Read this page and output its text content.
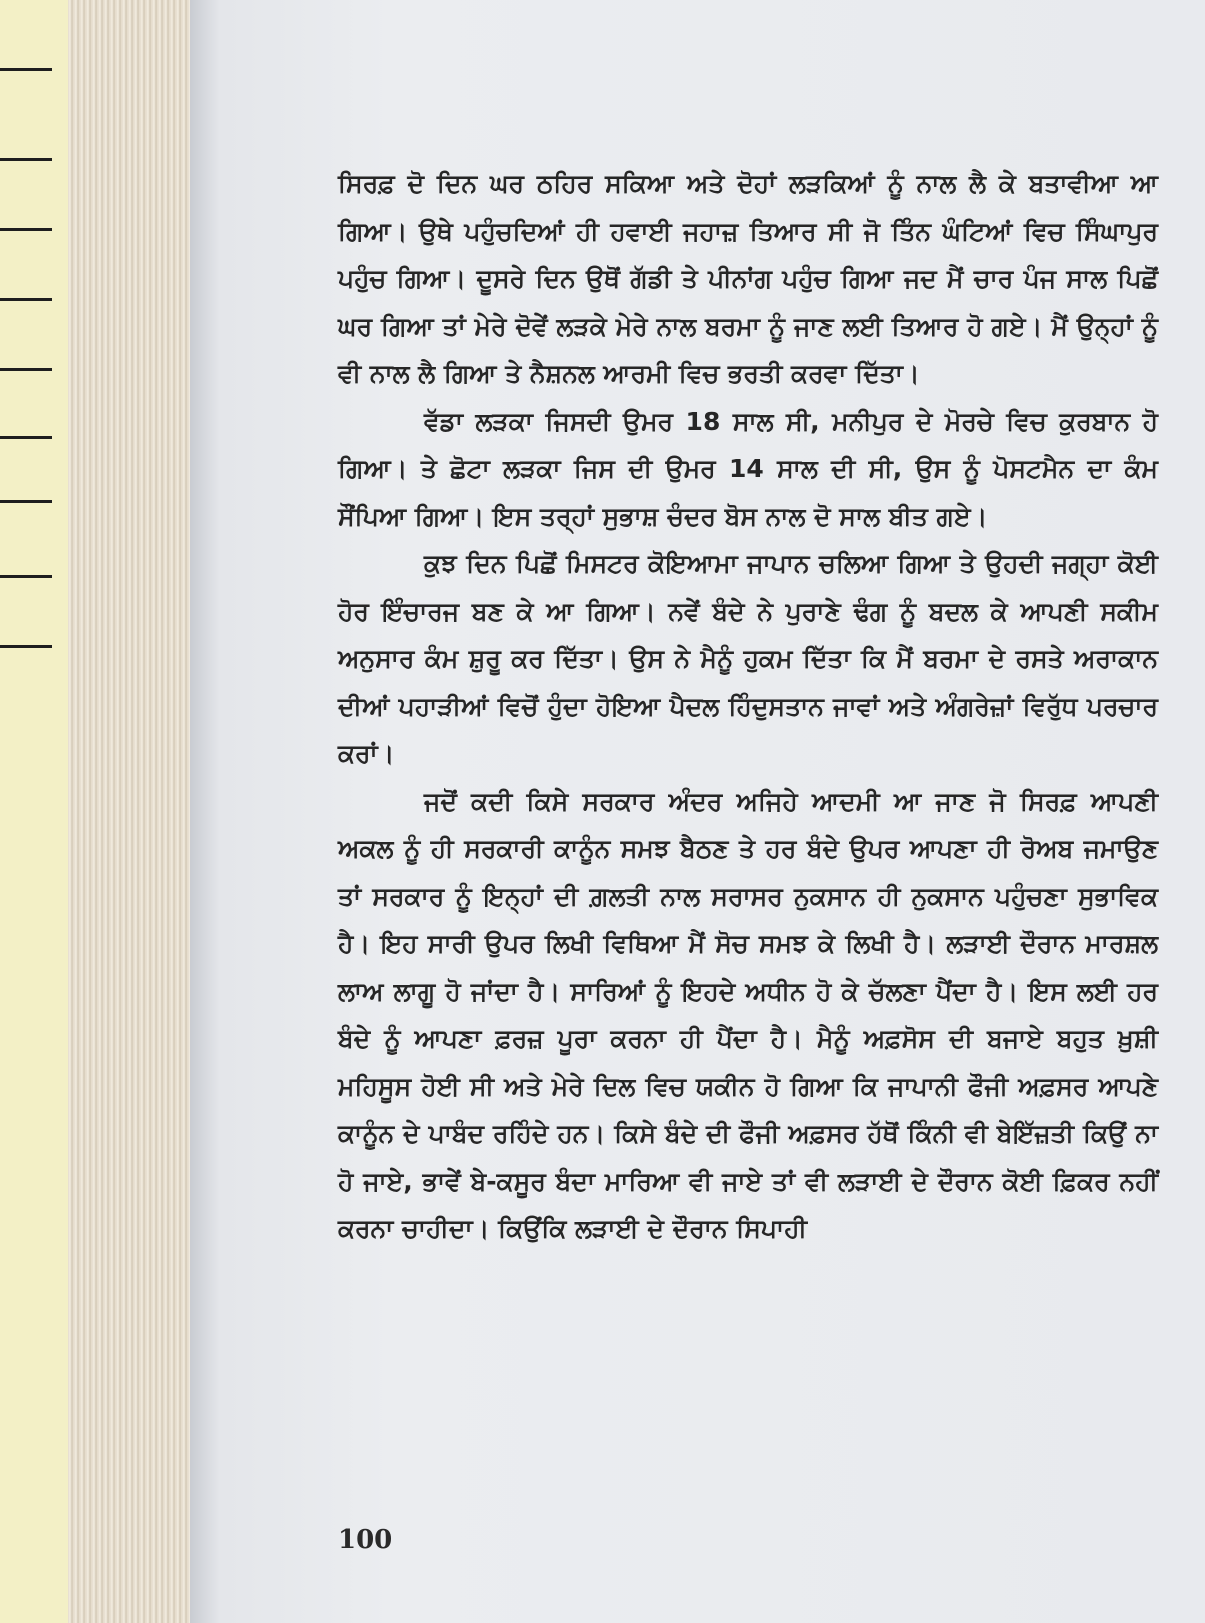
ਸਿਰਫ਼ ਦੋ ਦਿਨ ਘਰ ਠਹਿਰ ਸਕਿਆ ਅਤੇ ਦੋਹਾਂ ਲੜਕਿਆਂ ਨੂੰ ਨਾਲ ਲੈ ਕੇ ਬਤਾਵੀਆ ਆ ਗਿਆ। ਉਥੇ ਪਹੁੰਚਦਿਆਂ ਹੀ ਹਵਾਈ ਜਹਾਜ਼ ਤਿਆਰ ਸੀ ਜੋ ਤਿੰਨ ਘੰਟਿਆਂ ਵਿਚ ਸਿੰਘਾਪੁਰ ਪਹੁੰਚ ਗਿਆ। ਦੂਸਰੇ ਦਿਨ ਉਥੋਂ ਗੱਡੀ ਤੇ ਪੀਨਾਂਗ ਪਹੁੰਚ ਗਿਆ ਜਦ ਮੈਂ ਚਾਰ ਪੰਜ ਸਾਲ ਪਿਛੋਂ ਘਰ ਗਿਆ ਤਾਂ ਮੇਰੇ ਦੋਵੇਂ ਲੜਕੇ ਮੇਰੇ ਨਾਲ ਬਰਮਾ ਨੂੰ ਜਾਣ ਲਈ ਤਿਆਰ ਹੋ ਗਏ। ਮੈਂ ਉਨ੍ਹਾਂ ਨੂੰ ਵੀ ਨਾਲ ਲੈ ਗਿਆ ਤੇ ਨੈਸ਼ਨਲ ਆਰਮੀ ਵਿਚ ਭਰਤੀ ਕਰਵਾ ਦਿੱਤਾ।

ਵੱਡਾ ਲੜਕਾ ਜਿਸਦੀ ਉਮਰ 18 ਸਾਲ ਸੀ, ਮਨੀਪੁਰ ਦੇ ਮੋਰਚੇ ਵਿਚ ਕੁਰਬਾਨ ਹੋ ਗਿਆ। ਤੇ ਛੋਟਾ ਲੜਕਾ ਜਿਸ ਦੀ ਉਮਰ 14 ਸਾਲ ਦੀ ਸੀ, ਉਸ ਨੂੰ ਪੋਸਟਮੈਨ ਦਾ ਕੰਮ ਸੌਂਪਿਆ ਗਿਆ। ਇਸ ਤਰ੍ਹਾਂ ਸੁਭਾਸ਼ ਚੰਦਰ ਬੋਸ ਨਾਲ ਦੋ ਸਾਲ ਬੀਤ ਗਏ।

ਕੁਝ ਦਿਨ ਪਿਛੋਂ ਮਿਸਟਰ ਕੋਇਆਮਾ ਜਾਪਾਨ ਚਲਿਆ ਗਿਆ ਤੇ ਉਹਦੀ ਜਗ੍ਹਾ ਕੋਈ ਹੋਰ ਇੰਚਾਰਜ ਬਣ ਕੇ ਆ ਗਿਆ। ਨਵੇਂ ਬੰਦੇ ਨੇ ਪੁਰਾਣੇ ਢੰਗ ਨੂੰ ਬਦਲ ਕੇ ਆਪਣੀ ਸਕੀਮ ਅਨੁਸਾਰ ਕੰਮ ਸ਼ੁਰੂ ਕਰ ਦਿੱਤਾ। ਉਸ ਨੇ ਮੈਨੂੰ ਹੁਕਮ ਦਿੱਤਾ ਕਿ ਮੈਂ ਬਰਮਾ ਦੇ ਰਸਤੇ ਅਰਾਕਾਨ ਦੀਆਂ ਪਹਾੜੀਆਂ ਵਿਚੋਂ ਹੁੰਦਾ ਹੋਇਆ ਪੈਦਲ ਹਿੰਦੁਸਤਾਨ ਜਾਵਾਂ ਅਤੇ ਅੰਗਰੇਜ਼ਾਂ ਵਿਰੁੱਧ ਪਰਚਾਰ ਕਰਾਂ।

ਜਦੋਂ ਕਦੀ ਕਿਸੇ ਸਰਕਾਰ ਅੰਦਰ ਅਜਿਹੇ ਆਦਮੀ ਆ ਜਾਣ ਜੋ ਸਿਰਫ਼ ਆਪਣੀ ਅਕਲ ਨੂੰ ਹੀ ਸਰਕਾਰੀ ਕਾਨੂੰਨ ਸਮਝ ਬੈਠਣ ਤੇ ਹਰ ਬੰਦੇ ਉਪਰ ਆਪਣਾ ਹੀ ਰੋਅਬ ਜਮਾਉਣ ਤਾਂ ਸਰਕਾਰ ਨੂੰ ਇਨ੍ਹਾਂ ਦੀ ਗ਼ਲਤੀ ਨਾਲ ਸਰਾਸਰ ਨੁਕਸਾਨ ਹੀ ਨੁਕਸਾਨ ਪਹੁੰਚਣਾ ਸੁਭਾਵਿਕ ਹੈ। ਇਹ ਸਾਰੀ ਉਪਰ ਲਿਖੀ ਵਿਥਿਆ ਮੈਂ ਸੋਚ ਸਮਝ ਕੇ ਲਿਖੀ ਹੈ। ਲੜਾਈ ਦੌਰਾਨ ਮਾਰਸ਼ਲ ਲਾਅ ਲਾਗੂ ਹੋ ਜਾਂਦਾ ਹੈ। ਸਾਰਿਆਂ ਨੂੰ ਇਹਦੇ ਅਧੀਨ ਹੋ ਕੇ ਚੱਲਣਾ ਪੈਂਦਾ ਹੈ। ਇਸ ਲਈ ਹਰ ਬੰਦੇ ਨੂੰ ਆਪਣਾ ਫ਼ਰਜ਼ ਪੂਰਾ ਕਰਨਾ ਹੀ ਪੈਂਦਾ ਹੈ। ਮੈਨੂੰ ਅਫ਼ਸੋਸ ਦੀ ਬਜਾਏ ਬਹੁਤ ਖ਼ੁਸ਼ੀ ਮਹਿਸੂਸ ਹੋਈ ਸੀ ਅਤੇ ਮੇਰੇ ਦਿਲ ਵਿਚ ਯਕੀਨ ਹੋ ਗਿਆ ਕਿ ਜਾਪਾਨੀ ਫੌਜੀ ਅਫ਼ਸਰ ਆਪਣੇ ਕਾਨੂੰਨ ਦੇ ਪਾਬੰਦ ਰਹਿੰਦੇ ਹਨ। ਕਿਸੇ ਬੰਦੇ ਦੀ ਫੌਜੀ ਅਫ਼ਸਰ ਹੱਥੋਂ ਕਿੰਨੀ ਵੀ ਬੇਇੱਜ਼ਤੀ ਕਿਉਂ ਨਾ ਹੋ ਜਾਏ, ਭਾਵੇਂ ਬੇ-ਕਸੂਰ ਬੰਦਾ ਮਾਰਿਆ ਵੀ ਜਾਏ ਤਾਂ ਵੀ ਲੜਾਈ ਦੇ ਦੌਰਾਨ ਕੋਈ ਫ਼ਿਕਰ ਨਹੀਂ ਕਰਨਾ ਚਾਹੀਦਾ। ਕਿਉਂਕਿ ਲੜਾਈ ਦੇ ਦੌਰਾਨ ਸਿਪਾਹੀ

100
